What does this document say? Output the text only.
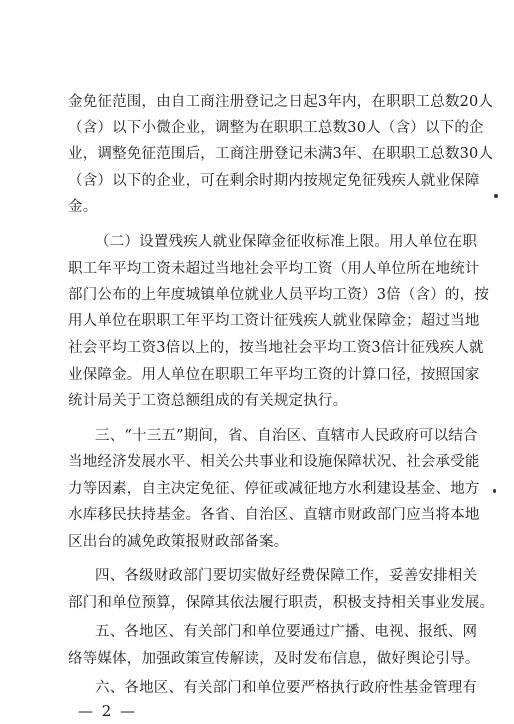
金免征范围，由自工商注册登记之日起3年内，在职职工总数20人
（含）以下小微企业，调整为在职职工总数30人（含）以下的企
业，调整免征范围后，工商注册登记未满3年、在职职工总数30人
（含）以下的企业，可在剩余时期内按规定免征残疾人就业保障
金。
（二）设置残疾人就业保障金征收标准上限。用人单位在职
职工年平均工资未超过当地社会平均工资（用人单位所在地统计
部门公布的上年度城镇单位就业人员平均工资）3倍（含）的，按
用人单位在职职工年平均工资计征残疾人就业保障金；超过当地
社会平均工资3倍以上的，按当地社会平均工资3倍计征残疾人就
业保障金。用人单位在职职工年平均工资的计算口径，按照国家
统计局关于工资总额组成的有关规定执行。
三、“十三五”期间，省、自治区、直辖市人民政府可以结合
当地经济发展水平、相关公共事业和设施保障状况、社会承受能
力等因素，自主决定免征、停征或减征地方水利建设基金、地方
水库移民扶持基金。各省、自治区、直辖市财政部门应当将本地
区出台的减免政策报财政部备案。
四、各级财政部门要切实做好经费保障工作，妥善安排相关
部门和单位预算，保障其依法履行职责，积极支持相关事业发展。
五、各地区、有关部门和单位要通过广播、电视、报纸、网
络等媒体，加强政策宣传解读，及时发布信息，做好舆论引导。
六、各地区、有关部门和单位要严格执行政府性基金管理有
— 2 —
